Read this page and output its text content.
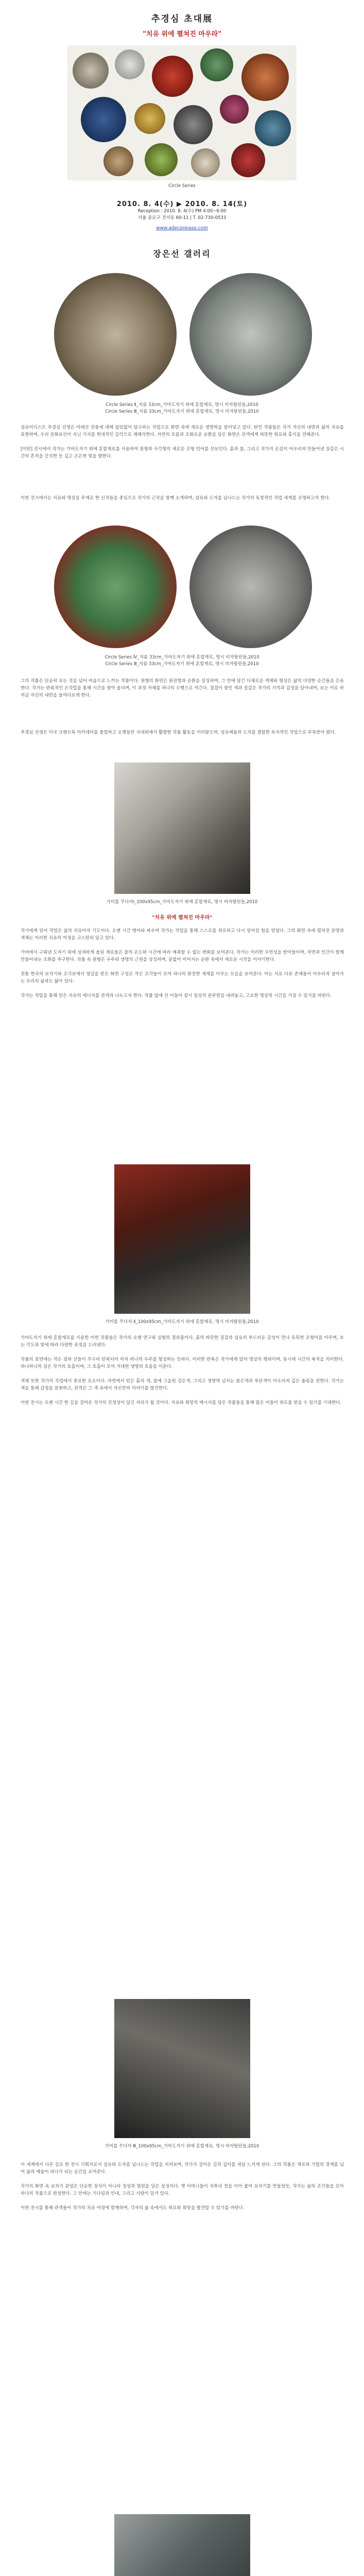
추경심 초대展
"치유 위에 펼쳐진 마우라"
Circle Series
2010. 8. 4(수) ▶ 2010. 8. 14(토)
Reception : 2010. 8. 4(수) PM 4:00~6:00
서울 종로구 견지동 60-11 | T. 02-730-0533
www.adecoreiase.com
장은선 갤러리
Circle Series Ⅱ_지름 33cm_가마도자기 위에 혼합재료, 명시 비자탈린들,2010
Circle Series Ⅲ_지름 33cm_가마도자기 위에 혼합재료, 명시 비자탈린들,2010
섬유미디스트 추경심 선생은 미래산 전통에 대해 끊임없이 탐구하는 작업으로 화면 속에 새로운 생명력을 불어넣고 있다. 탄인 작품들은 작가 자신의 내면과 삶의 치유를 표현하며, 우리 문화유산이 지닌 가치를 현대적인 감각으로 재해석한다. 자연의 흐름과 조화로운 순환을 담은 화면은 관객에게 따뜻한 위로와 휴식을 전해준다.

[이번] 전시에서 작가는 가마도자기 위에 혼합재료를 사용하여 원형과 사각형의 새로운 조형 언어를 선보인다. 흙과 불, 그리고 작가의 손길이 어우러져 만들어낸 질감은 시간의 흔적을 간직한 듯 깊고 은은한 빛을 발한다.
이번 전시에서는 치유와 명상을 주제로 한 신작들을 중심으로 작가의 근작을 함께 소개하며, 섬유와 도자를 넘나드는 작가의 독창적인 작업 세계를 조명하고자 한다.
Circle Series Ⅳ_지름 33cm_가마도자기 위에 혼합재료, 명시 비자탈린들,2010
Circle Series Ⅲ_지름 33cm_가마도자기 위에 혼합재료, 명시 비자탈린들,2010
그의 작품은 단순히 보는 것을 넘어 마음으로 느끼는 작품이다. 원형의 화면은 완전함과 순환을 상징하며, 그 안에 담긴 다채로운 색채와 형상은 삶의 다양한 순간들을 은유한다. 작가는 반복적인 손작업을 통해 시간을 쌓아 올리며, 이 과정 자체를 하나의 수행으로 여긴다. 겹겹이 쌓인 색과 질감은 작가의 기억과 감정을 담아내며, 보는 이로 하여금 자신의 내면을 들여다보게 한다.
추경심 선생은 미국 크랜브룩 아카데미를 졸업하고 오랫동안 국내외에서 활발한 작품 활동을 이어왔으며, 섬유예술과 도자를 결합한 독자적인 작업으로 주목받아 왔다.
가미를 무다자Ⅰ_100x95cm_가마도자기 위에 혼합재료, 명시 비자탈린들,2010
"치유 위에 펼쳐진 마우라"
작가에게 있어 작업은 삶의 치유이자 기도이다. 오랜 시간 병마와 싸우며 작가는 작업을 통해 스스로를 위로하고 다시 일어설 힘을 얻었다. 그의 화면 속에 펼쳐진 문양과 색채는 이러한 치유의 여정을 고스란히 담고 있다.

가마에서 구워낸 도자기 위에 섬세하게 올린 재료들은 불의 온도와 시간에 따라 예측할 수 없는 변화를 보여준다. 작가는 이러한 우연성을 받아들이며, 자연과 인간이 함께 만들어내는 조화를 추구한다. 작품 속 원형은 우주와 생명의 근원을 상징하며, 끝없이 이어지는 순환 속에서 새로운 시작을 이야기한다.

전통 한국의 보자기와 조각보에서 영감을 받은 화면 구성은 작은 조각들이 모여 하나의 완전한 세계를 이루는 모습을 보여준다. 이는 서로 다른 존재들이 어우러져 살아가는 우리의 삶과도 닮아 있다.

작가는 작업을 통해 얻은 치유의 에너지를 관객과 나누고자 한다. 작품 앞에 선 이들이 잠시 일상의 분주함을 내려놓고, 고요한 명상의 시간을 가질 수 있기를 바란다.
가미를 무다자 Ⅱ_100x95cm_가마도자기 위에 혼합재료, 명시 비자탈린들,2010
가마도자기 위에 혼합재료를 사용한 이번 작품들은 작가의 오랜 연구와 실험의 결과물이다. 흙의 따뜻한 질감과 섬유의 부드러운 감성이 만나 독특한 조형미를 이루며, 보는 각도와 빛에 따라 다양한 표정을 드러낸다.

작품의 표면에는 작은 점과 선들이 무수히 반복되어 마치 하나의 우주를 형성하는 듯하다. 이러한 반복은 작가에게 있어 명상의 행위이며, 동시에 시간의 축적을 의미한다. 하나하나의 점은 작가의 호흡이며, 그 호흡이 모여 거대한 생명의 흐름을 이룬다.

색채 또한 작가의 작업에서 중요한 요소이다. 자연에서 얻은 흙의 색, 불에 그을린 검은색, 그리고 생명력 넘치는 붉은색과 푸른색이 어우러져 깊은 울림을 전한다. 작가는 색을 통해 감정을 표현하고, 관객은 그 색 속에서 자신만의 이야기를 발견한다.

이번 전시는 오랜 시간 한 길을 걸어온 작가의 진정성이 담긴 자리가 될 것이다. 치유와 희망의 메시지를 담은 작품들을 통해 많은 이들이 위로를 받을 수 있기를 기대한다.
가미를 무다자 Ⅲ_100x95cm_가마도자기 위에 혼합재료, 명시 비자탈린들,2010
이 세계에서 다른 길로 한 전시 기획자로서 섬유와 도자를 넘나드는 작업을 지켜보며, 작가가 걸어온 길의 깊이를 새삼 느끼게 된다. 그의 작품은 재료와 기법의 경계를 넘어 삶과 예술이 하나가 되는 순간을 보여준다.

작가의 화면 속 보자기 문양은 단순한 장식이 아니라 정성과 염원을 담은 상징이다. 옛 어머니들이 자투리 천을 이어 붙여 보자기를 만들었듯, 작가는 삶의 조각들을 모아 하나의 작품으로 완성한다. 그 안에는 기다림과 인내, 그리고 사랑이 담겨 있다.

이번 전시를 통해 관객들이 작가의 치유 여정에 함께하며, 각자의 삶 속에서도 위로와 희망을 발견할 수 있기를 바란다.
